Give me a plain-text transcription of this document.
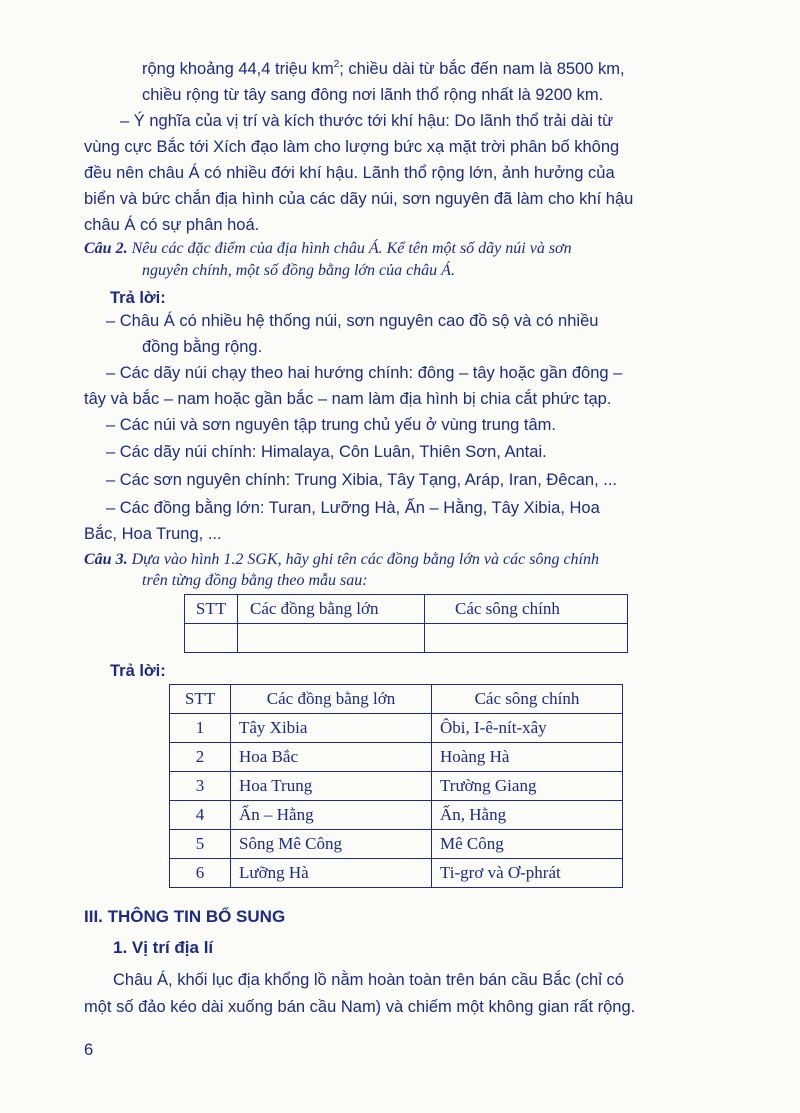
rộng khoảng 44,4 triệu $km^2$; chiều dài từ bắc đến nam là 8500 km,
chiều rộng từ tây sang đông nơi lãnh thổ rộng nhất là 9200 km.
– Ý nghĩa của vị trí và kích thước tới khí hậu: Do lãnh thổ trải dài từ
vùng cực Bắc tới Xích đạo làm cho lượng bức xạ mặt trời phân bố không
đều nên châu Á có nhiều đới khí hậu. Lãnh thổ rộng lớn, ảnh hưởng của
biển và bức chắn địa hình của các dãy núi, sơn nguyên đã làm cho khí hậu
châu Á có sự phân hoá.
Câu 2. Nêu các đặc điểm của địa hình châu Á. Kể tên một số dãy núi và sơn
nguyên chính, một số đồng bằng lớn của châu Á.
Trả lời:
– Châu Á có nhiều hệ thống núi, sơn nguyên cao đồ sộ và có nhiều
đồng bằng rộng.
– Các dãy núi chạy theo hai hướng chính: đông – tây hoặc gần đông –
tây và bắc – nam hoặc gần bắc – nam làm địa hình bị chia cắt phức tạp.
– Các núi và sơn nguyên tập trung chủ yếu ở vùng trung tâm.
– Các dãy núi chính: Himalaya, Côn Luân, Thiên Sơn, Antai.
– Các sơn nguyên chính: Trung Xibia, Tây Tạng, Aráp, Iran, Đêcan, ...
– Các đồng bằng lớn: Turan, Lưỡng Hà, Ấn – Hằng, Tây Xibia, Hoa
Bắc, Hoa Trung, ...
Câu 3. Dựa vào hình 1.2 SGK, hãy ghi tên các đồng bằng lớn và các sông chính
trên từng đồng bằng theo mẫu sau:
STT	Các đồng bằng lớn	Các sông chính

Trả lời:
STT	Các đồng bằng lớn	Các sông chính
1	Tây Xibia	Ôbi, I-ê-nít-xây
2	Hoa Bắc	Hoàng Hà
3	Hoa Trung	Trường Giang
4	Ấn – Hằng	Ấn, Hằng
5	Sông Mê Công	Mê Công
6	Lưỡng Hà	Ti-grơ và Ơ-phrát
III. THÔNG TIN BỔ SUNG
1. Vị trí địa lí
Châu Á, khối lục địa khổng lồ nằm hoàn toàn trên bán cầu Bắc (chỉ có
một số đảo kéo dài xuống bán cầu Nam) và chiếm một không gian rất rộng.
6
